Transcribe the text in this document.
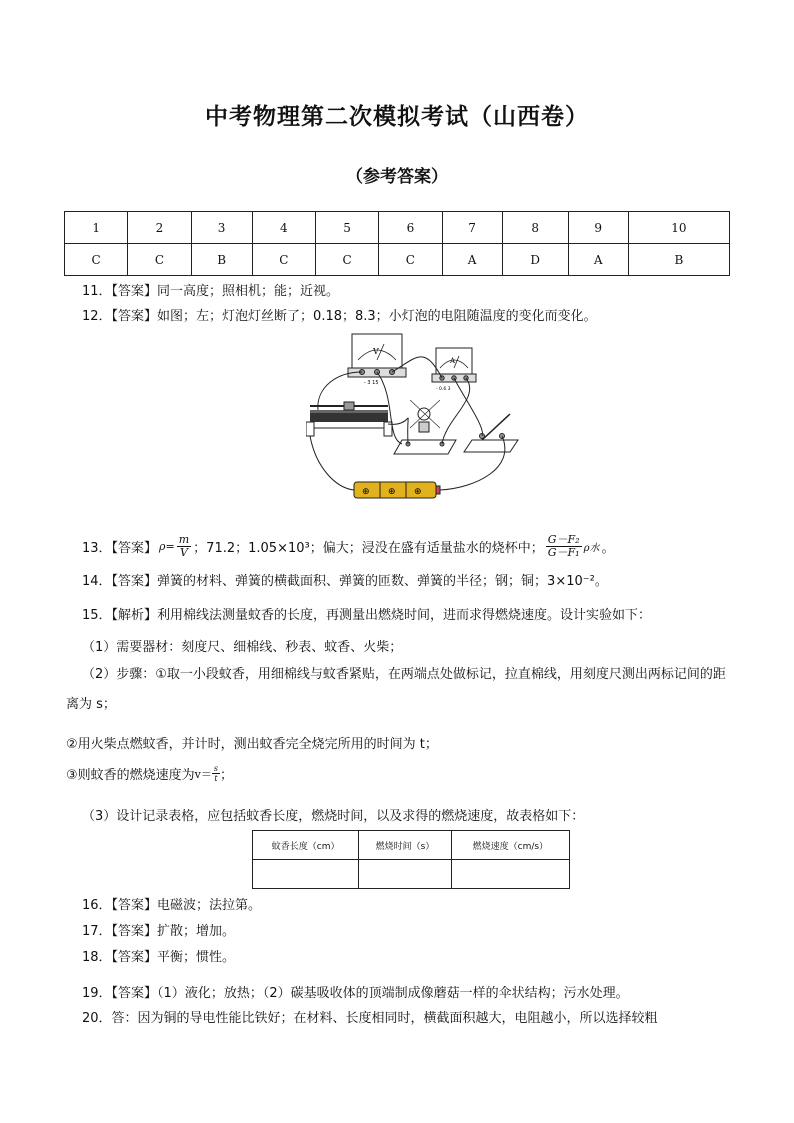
中考物理第二次模拟考试（山西卷）
（参考答案）
1	2	3	4	5	6	7	8	9	10
C	C	B	C	C	C	A	D	A	B
11．【答案】同一高度；照相机；能；近视。
12．【答案】如图；左；灯泡灯丝断了；0.18；8.3；小灯泡的电阻随温度的变化而变化。
V
- 3 15
A
- 0.6 3
⊕ ⊕ ⊕
13．【答案】 $\rho= \frac{m}{V}$ ；71.2；1.05×10³；偏大；浸没在盛有适量盐水的烧杯中； $\frac{\text{G－F₂}}{\text{G－F₁}}$ ρ水 。
14．【答案】弹簧的材料、弹簧的横截面积、弹簧的匝数、弹簧的半径；钢；铜；3×10⁻²。
15．【解析】利用棉线法测量蚊香的长度，再测量出燃烧时间，进而求得燃烧速度。设计实验如下：
（1）需要器材：刻度尺、细棉线、秒表、蚊香、火柴；
（2）步骤：①取一小段蚊香，用细棉线与蚊香紧贴，在两端点处做标记，拉直棉线，用刻度尺测出两标记间的距离为 s；
②用火柴点燃蚊香，并计时，测出蚊香完全烧完所用的时间为 t；
③则蚊香的燃烧速度为 $v= \frac{s}{t}$ ；
（3）设计记录表格，应包括蚊香长度，燃烧时间，以及求得的燃烧速度，故表格如下：
蚊香长度（cm）	燃烧时间（s）	燃烧速度（cm/s）

16．【答案】电磁波；法拉第。
17．【答案】扩散；增加。
18．【答案】平衡；惯性。
19．【答案】（1）液化；放热；（2）碳基吸收体的顶端制成像蘑菇一样的伞状结构；污水处理。
20．答：因为铜的导电性能比铁好；在材料、长度相同时，横截面积越大，电阻越小，所以选择较粗
